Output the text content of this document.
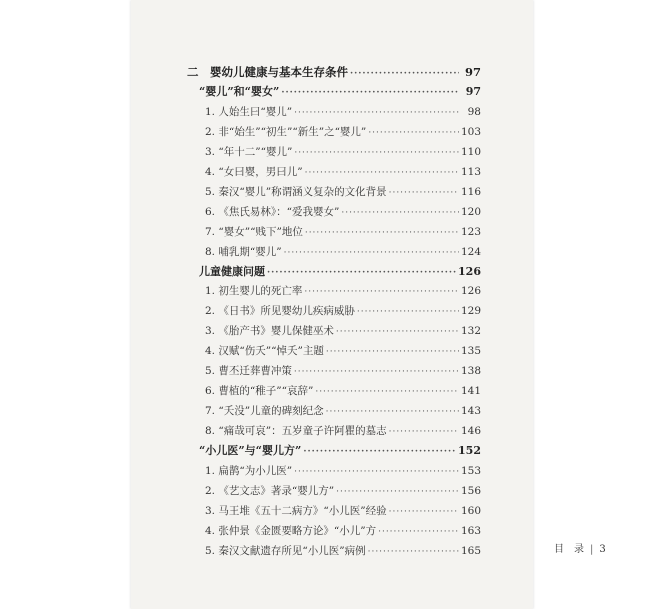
二　婴幼儿健康与基本生存条件 ·····	97
“婴儿”和“婴女” ·····	97
1. 人始生曰“婴儿” ·····	98
2. 非“始生”“初生”“新生”之“婴儿” ·····	103
3. “年十二”“婴儿” ·····	110
4. “女曰婴，男曰儿” ·····	113
5. 秦汉“婴儿”称谓涵义复杂的文化背景 ·····	116
6. 《焦氏易林》：“爱我婴女” ·····	120
7. “婴女”“贱下”地位 ·····	123
8. 哺乳期“婴儿” ·····	124
儿童健康问题 ·····	126
1. 初生婴儿的死亡率 ·····	126
2. 《日书》所见婴幼儿疾病威胁 ·····	129
3. 《胎产书》婴儿保健巫术 ·····	132
4. 汉赋“伤夭”“悼夭”主题 ·····	135
5. 曹丕迁葬曹冲策 ·····	138
6. 曹植的“稚子”“哀辞” ·····	141
7. “夭没”儿童的碑刻纪念 ·····	143
8. “痛哉可哀”：五岁童子许阿瞿的墓志 ·····	146
“小儿医”与“婴儿方” ·····	152
1. 扁鹊“为小儿医” ·····	153
2. 《艺文志》著录“婴儿方” ·····	156
3. 马王堆《五十二病方》“小儿医”经验 ·····	160
4. 张仲景《金匮要略方论》“小儿”方 ·····	163
5. 秦汉文献遗存所见“小儿医”病例 ·····	165	目　录 | 3
